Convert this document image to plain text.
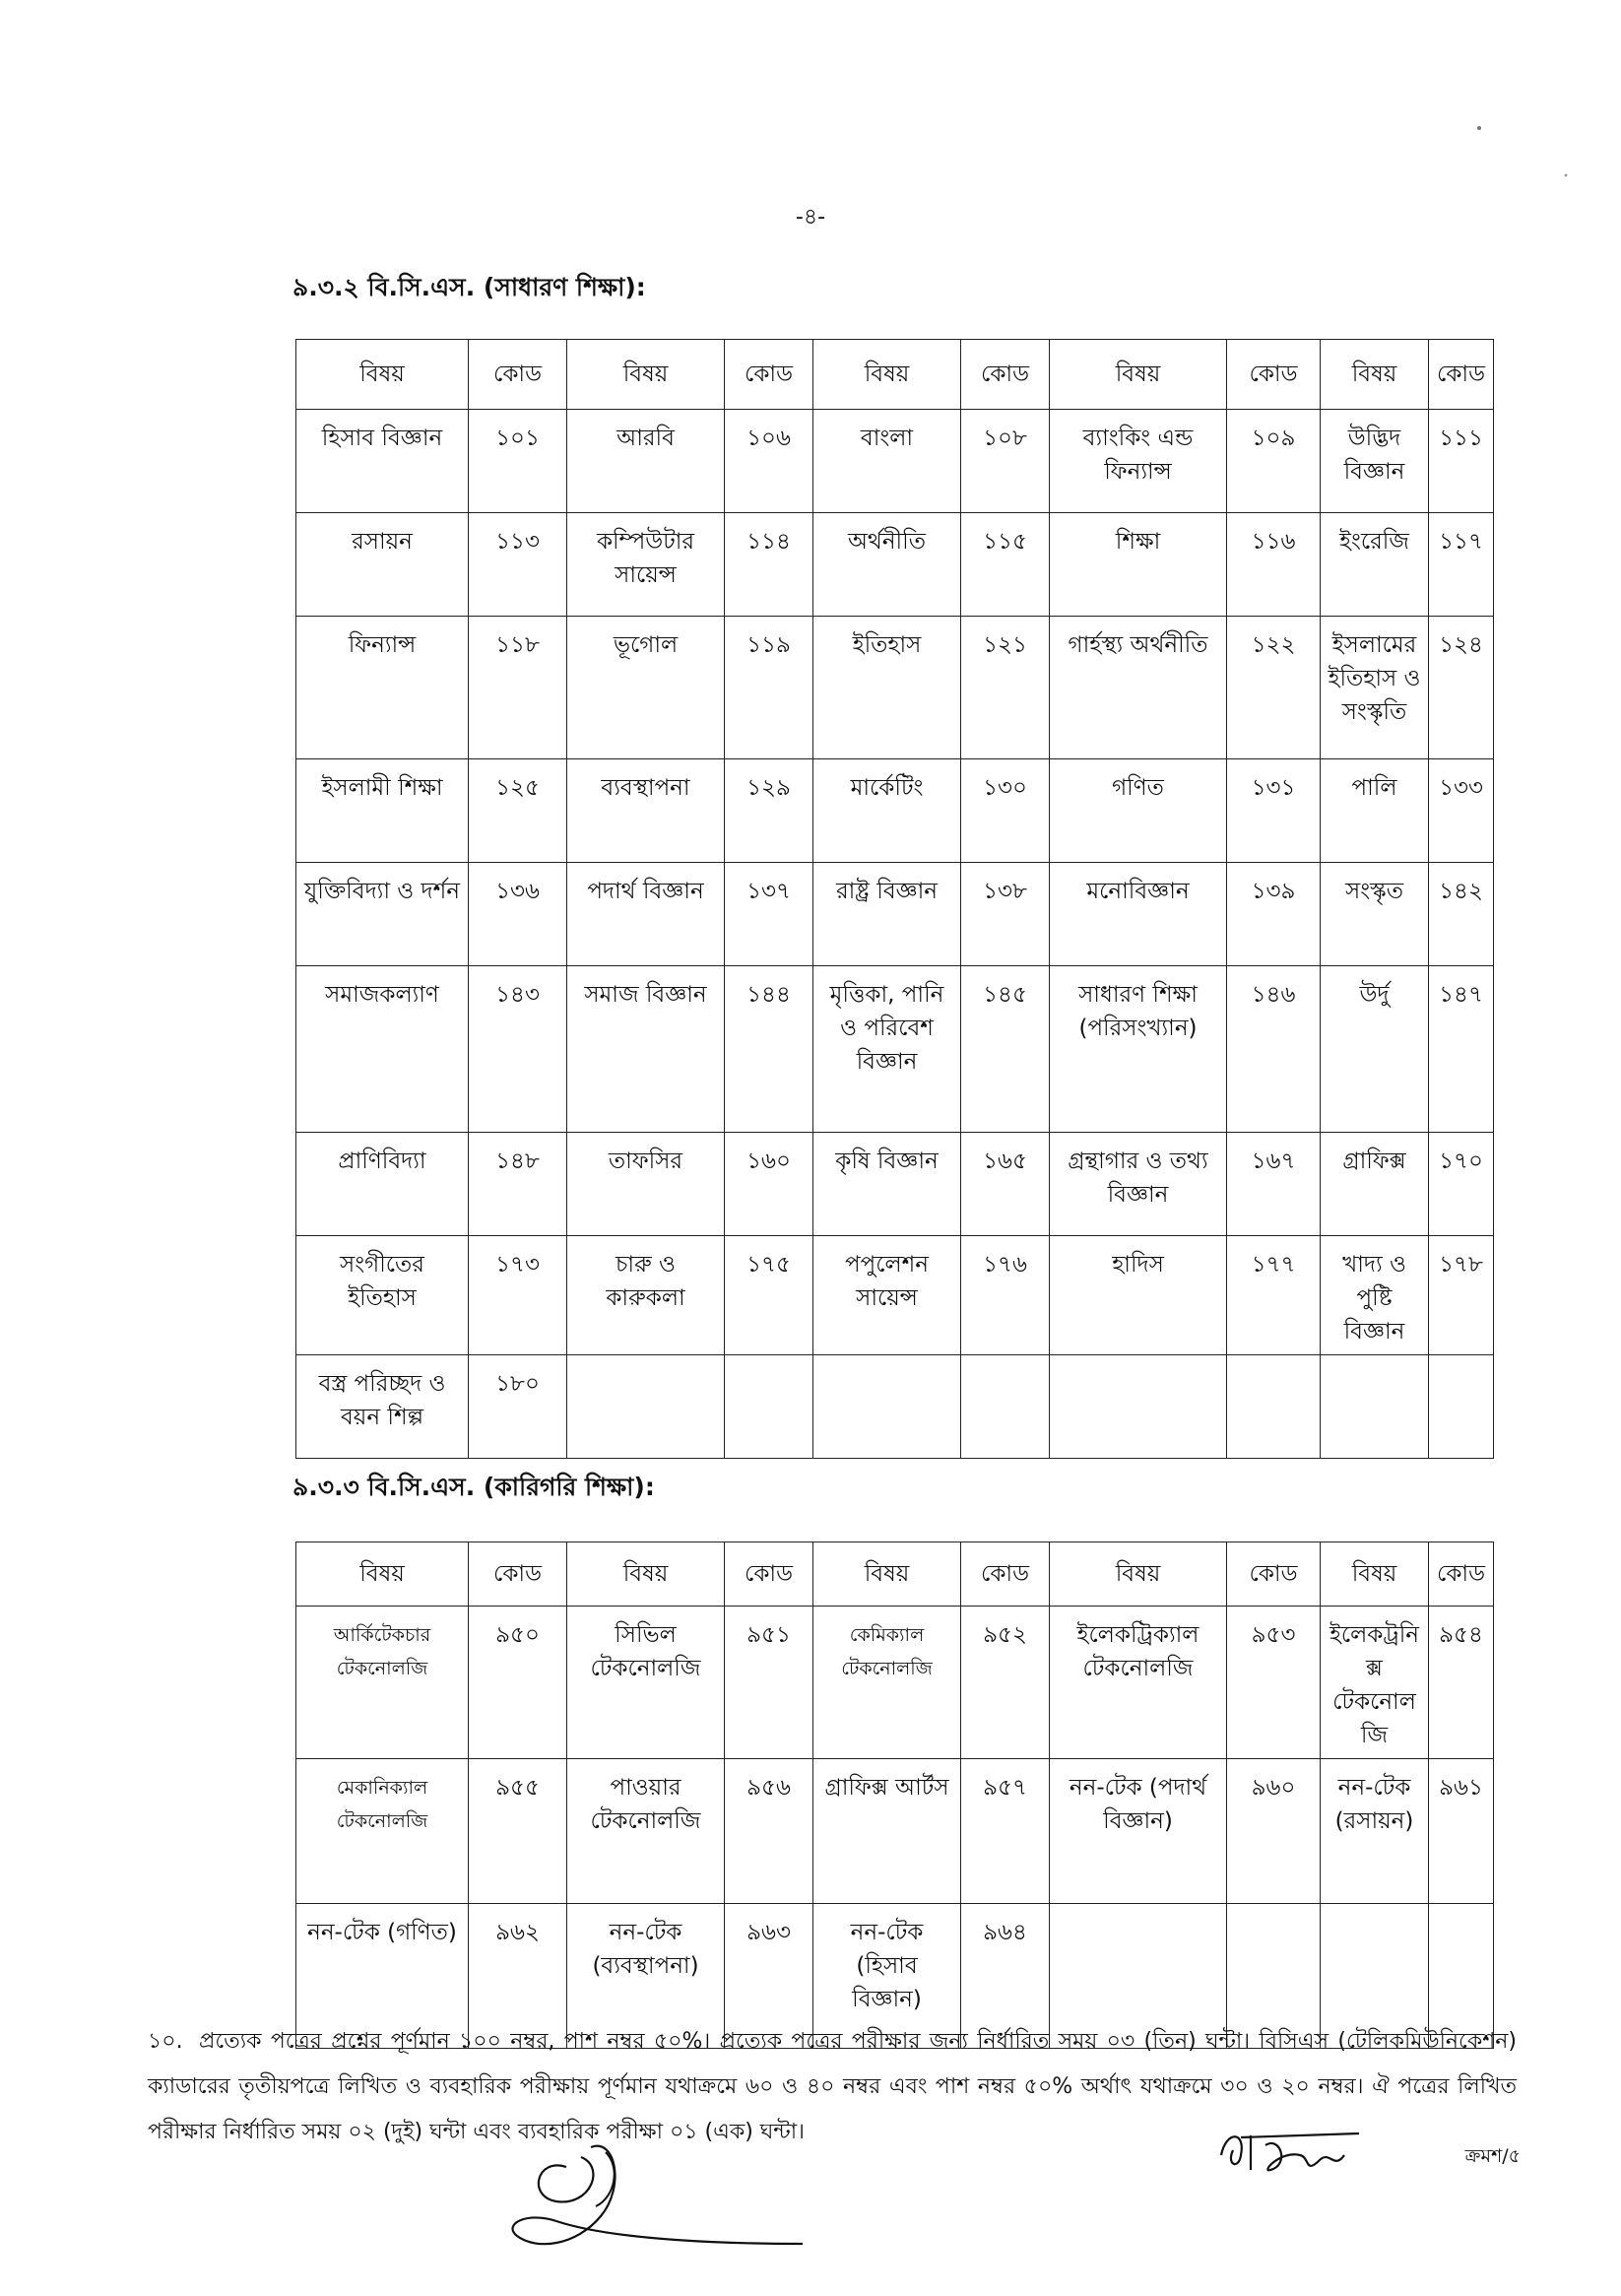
-৪-
৯.৩.২ বি.সি.এস. (সাধারণ শিক্ষা):
বিষয়	কোড	বিষয়	কোড	বিষয়	কোড	বিষয়	কোড	বিষয়	কোড
হিসাব বিজ্ঞান	১০১	আরবি	১০৬	বাংলা	১০৮	ব্যাংকিং এন্ড ফিন্যান্স	১০৯	উদ্ভিদ বিজ্ঞান	১১১
রসায়ন	১১৩	কম্পিউটার সায়েন্স	১১৪	অর্থনীতি	১১৫	শিক্ষা	১১৬	ইংরেজি	১১৭
ফিন্যান্স	১১৮	ভূগোল	১১৯	ইতিহাস	১২১	গার্হস্থ্য অর্থনীতি	১২২	ইসলামের ইতিহাস ও সংস্কৃতি	১২৪
ইসলামী শিক্ষা	১২৫	ব্যবস্থাপনা	১২৯	মার্কেটিং	১৩০	গণিত	১৩১	পালি	১৩৩
যুক্তিবিদ্যা ও দর্শন	১৩৬	পদার্থ বিজ্ঞান	১৩৭	রাষ্ট্র বিজ্ঞান	১৩৮	মনোবিজ্ঞান	১৩৯	সংস্কৃত	১৪২
সমাজকল্যাণ	১৪৩	সমাজ বিজ্ঞান	১৪৪	মৃত্তিকা, পানি ও পরিবেশ বিজ্ঞান	১৪৫	সাধারণ শিক্ষা (পরিসংখ্যান)	১৪৬	উর্দু	১৪৭
প্রাণিবিদ্যা	১৪৮	তাফসির	১৬০	কৃষি বিজ্ঞান	১৬৫	গ্রন্থাগার ও তথ্য বিজ্ঞান	১৬৭	গ্রাফিক্স	১৭০
সংগীতের ইতিহাস	১৭৩	চারু ও কারুকলা	১৭৫	পপুলেশন সায়েন্স	১৭৬	হাদিস	১৭৭	খাদ্য ও পুষ্টি বিজ্ঞান	১৭৮
বস্ত্র পরিচ্ছদ ও বয়ন শিল্প	১৮০								
৯.৩.৩ বি.সি.এস. (কারিগরি শিক্ষা):
বিষয়	কোড	বিষয়	কোড	বিষয়	কোড	বিষয়	কোড	বিষয়	কোড
আর্কিটেকচার টেকনোলজি	৯৫০	সিভিল টেকনোলজি	৯৫১	কেমিক্যাল টেকনোলজি	৯৫২	ইলেকট্রিক্যাল টেকনোলজি	৯৫৩	ইলেকট্রনিক্স টেকনোলজি	৯৫৪
মেকানিক্যাল টেকনোলজি	৯৫৫	পাওয়ার টেকনোলজি	৯৫৬	গ্রাফিক্স আর্টস	৯৫৭	নন-টেক (পদার্থ বিজ্ঞান)	৯৬০	নন-টেক (রসায়ন)	৯৬১
নন-টেক (গণিত)	৯৬২	নন-টেক (ব্যবস্থাপনা)	৯৬৩	নন-টেক (হিসাব বিজ্ঞান)	৯৬৪				
১০. প্রত্যেক পত্রের প্রশ্নের পূর্ণমান ১০০ নম্বর, পাশ নম্বর ৫০%। প্রত্যেক পত্রের পরীক্ষার জন্য নির্ধারিত সময় ০৩ (তিন) ঘন্টা। বিসিএস (টেলিকমিউনিকেশন) ক্যাডারের তৃতীয়পত্রে লিখিত ও ব্যবহারিক পরীক্ষায় পূর্ণমান যথাক্রমে ৬০ ও ৪০ নম্বর এবং পাশ নম্বর ৫০% অর্থাৎ যথাক্রমে ৩০ ও ২০ নম্বর। ঐ পত্রের লিখিত পরীক্ষার নির্ধারিত সময় ০২ (দুই) ঘন্টা এবং ব্যবহারিক পরীক্ষা ০১ (এক) ঘন্টা।
ক্রমশ/৫
